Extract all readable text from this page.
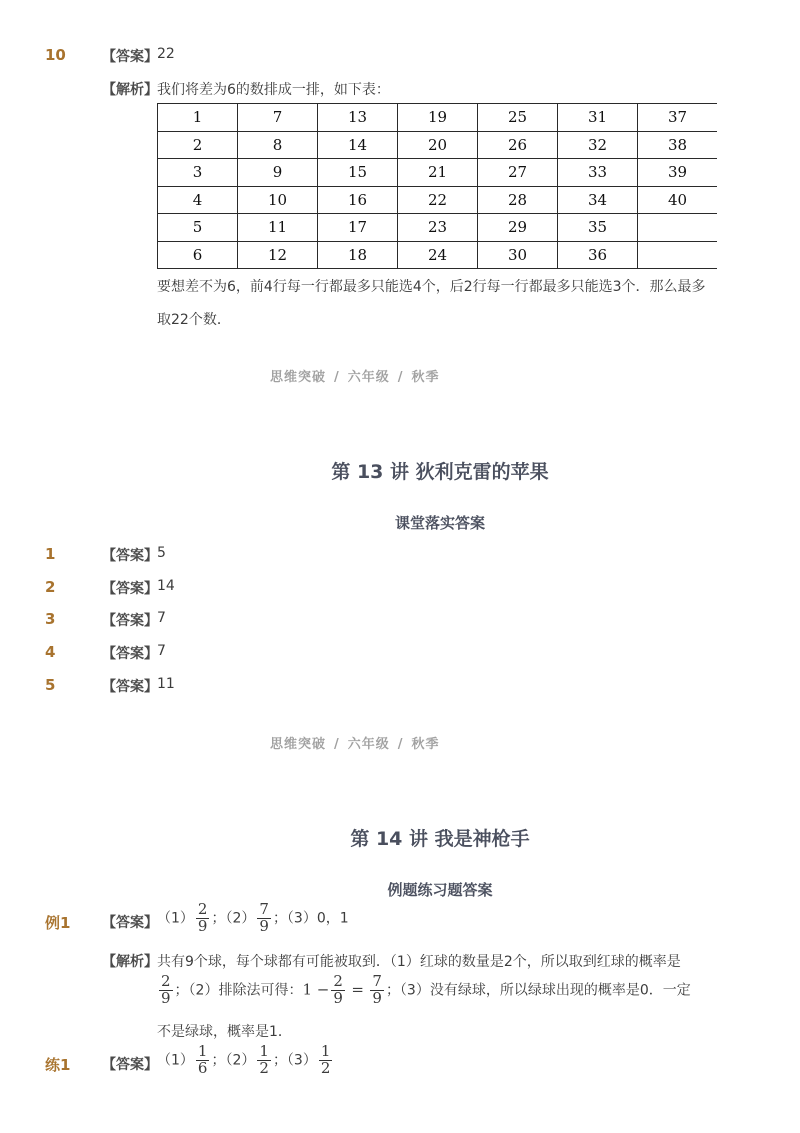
10	【答案】 22
【解析】 我们将差为6的数排成一排，如下表：
1	7	13	19	25	31	37
2	8	14	20	26	32	38
3	9	15	21	27	33	39
4	10	16	22	28	34	40
5	11	17	23	29	35	
6	12	18	24	30	36	
要想差不为6，前4行每一行都最多只能选4个，后2行每一行都最多只能选3个．那么最多
取22个数．
思维突破 / 六年级 / 秋季
第 13 讲 狄利克雷的苹果
课堂落实答案
1	【答案】 5
2	【答案】 14
3	【答案】 7
4	【答案】 7
5	【答案】 11
思维突破 / 六年级 / 秋季
第 14 讲 我是神枪手
例题练习题答案
例1 【答案】 $(1) \frac{2}{9}$ ；$(2) \frac{7}{9}$ ；（3）0，1
【解析】 共有9个球，每个球都有可能被取到．（1）红球的数量是2个，所以取到红球的概率是
$\frac{2}{9}$ ；（2）排除法可得：$1 - \frac{2}{9} = \frac{7}{9}$ ；（3）没有绿球，所以绿球出现的概率是0．一定
不是绿球，概率是1．
练1 【答案】 $(1) \frac{1}{6}$ ；$(2) \frac{1}{2}$ ；$(3) \frac{1}{2}$
